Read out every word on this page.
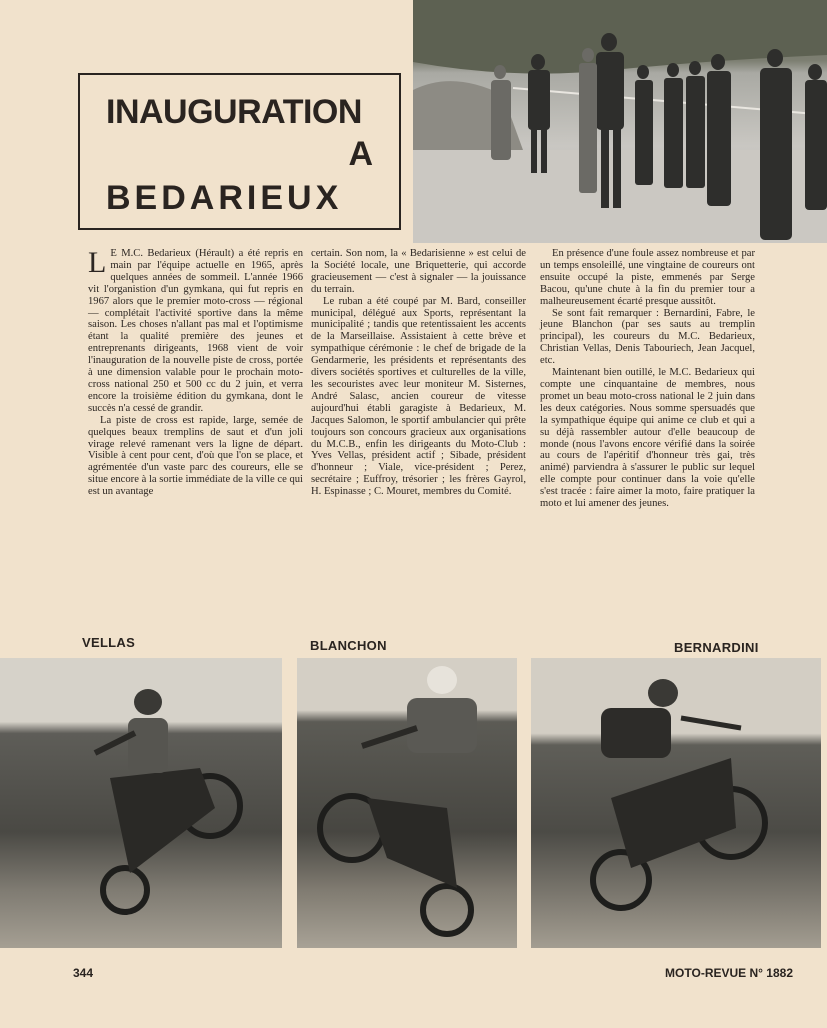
INAUGURATION
A
BEDARIEUX

L E M.C. Bedarieux (Hérault) a été repris en main par l'équipe actuelle en 1965, après quelques années de sommeil. L'année 1966 vit l'organistion d'un gymkana, qui fut repris en 1967 alors que le premier moto-cross — régional — complétait l'activité sportive dans la même saison. Les choses n'allant pas mal et l'optimisme étant la qualité première des jeunes et entreprenants dirigeants, 1968 vient de voir l'inauguration de la nouvelle piste de cross, portée à une dimension valable pour le prochain moto-cross national 250 et 500 cc du 2 juin, et verra encore la troisième édition du gymkana, dont le succès n'a cessé de grandir.

La piste de cross est rapide, large, semée de quelques beaux tremplins de saut et d'un joli virage relevé ramenant vers la ligne de départ. Visible à cent pour cent, d'où que l'on se place, et agrémentée d'un vaste parc des coureurs, elle se situe encore à la sortie immédiate de la ville ce qui est un avantage

certain. Son nom, la « Bedarisienne » est celui de la Société locale, une Briquetterie, qui accorde gracieusement — c'est à signaler — la jouissance du terrain.

Le ruban a été coupé par M. Bard, conseiller municipal, délégué aux Sports, représentant la municipalité ; tandis que retentissaient les accents de la Marseillaise. Assistaient à cette brève et sympathique cérémonie : le chef de brigade de la Gendarmerie, les présidents et représentants des divers sociétés sportives et culturelles de la ville, les secouristes avec leur moniteur M. Sisternes, André Salasc, ancien coureur de vitesse aujourd'hui établi garagiste à Bedarieux, M. Jacques Salomon, le sportif ambulancier qui prête toujours son concours gracieux aux organisations du M.C.B., enfin les dirigeants du Moto-Club : Yves Vellas, président actif ; Sibade, président d'honneur ; Viale, vice-président ; Perez, secrétaire ; Euffroy, trésorier ; les frères Gayrol, H. Espinasse ; C. Mouret, membres du Comité.

En présence d'une foule assez nombreuse et par un temps ensoleillé, une vingtaine de coureurs ont ensuite occupé la piste, emmenés par Serge Bacou, qu'une chute à la fin du premier tour a malheureusement écarté presque aussitôt.

Se sont fait remarquer : Bernardini, Fabre, le jeune Blanchon (par ses sauts au tremplin principal), les coureurs du M.C. Bedarieux, Christian Vellas, Denis Tabouriech, Jean Jacquel, etc.

Maintenant bien outillé, le M.C. Bedarieux qui compte une cinquantaine de membres, nous promet un beau moto-cross national le 2 juin dans les deux catégories. Nous somme spersuadés que la sympathique équipe qui anime ce club et qui a su déjà rassembler autour d'elle beaucoup de monde (nous l'avons encore vérifié dans la soirée au cours de l'apéritif d'honneur très gai, très animé) parviendra à s'assurer le public sur lequel elle compte pour continuer dans la voie qu'elle s'est tracée : faire aimer la moto, faire pratiquer la moto et lui amener des jeunes.

VELLAS	BLANCHON	BERNARDINI
344	MOTO-REVUE N° 1882
